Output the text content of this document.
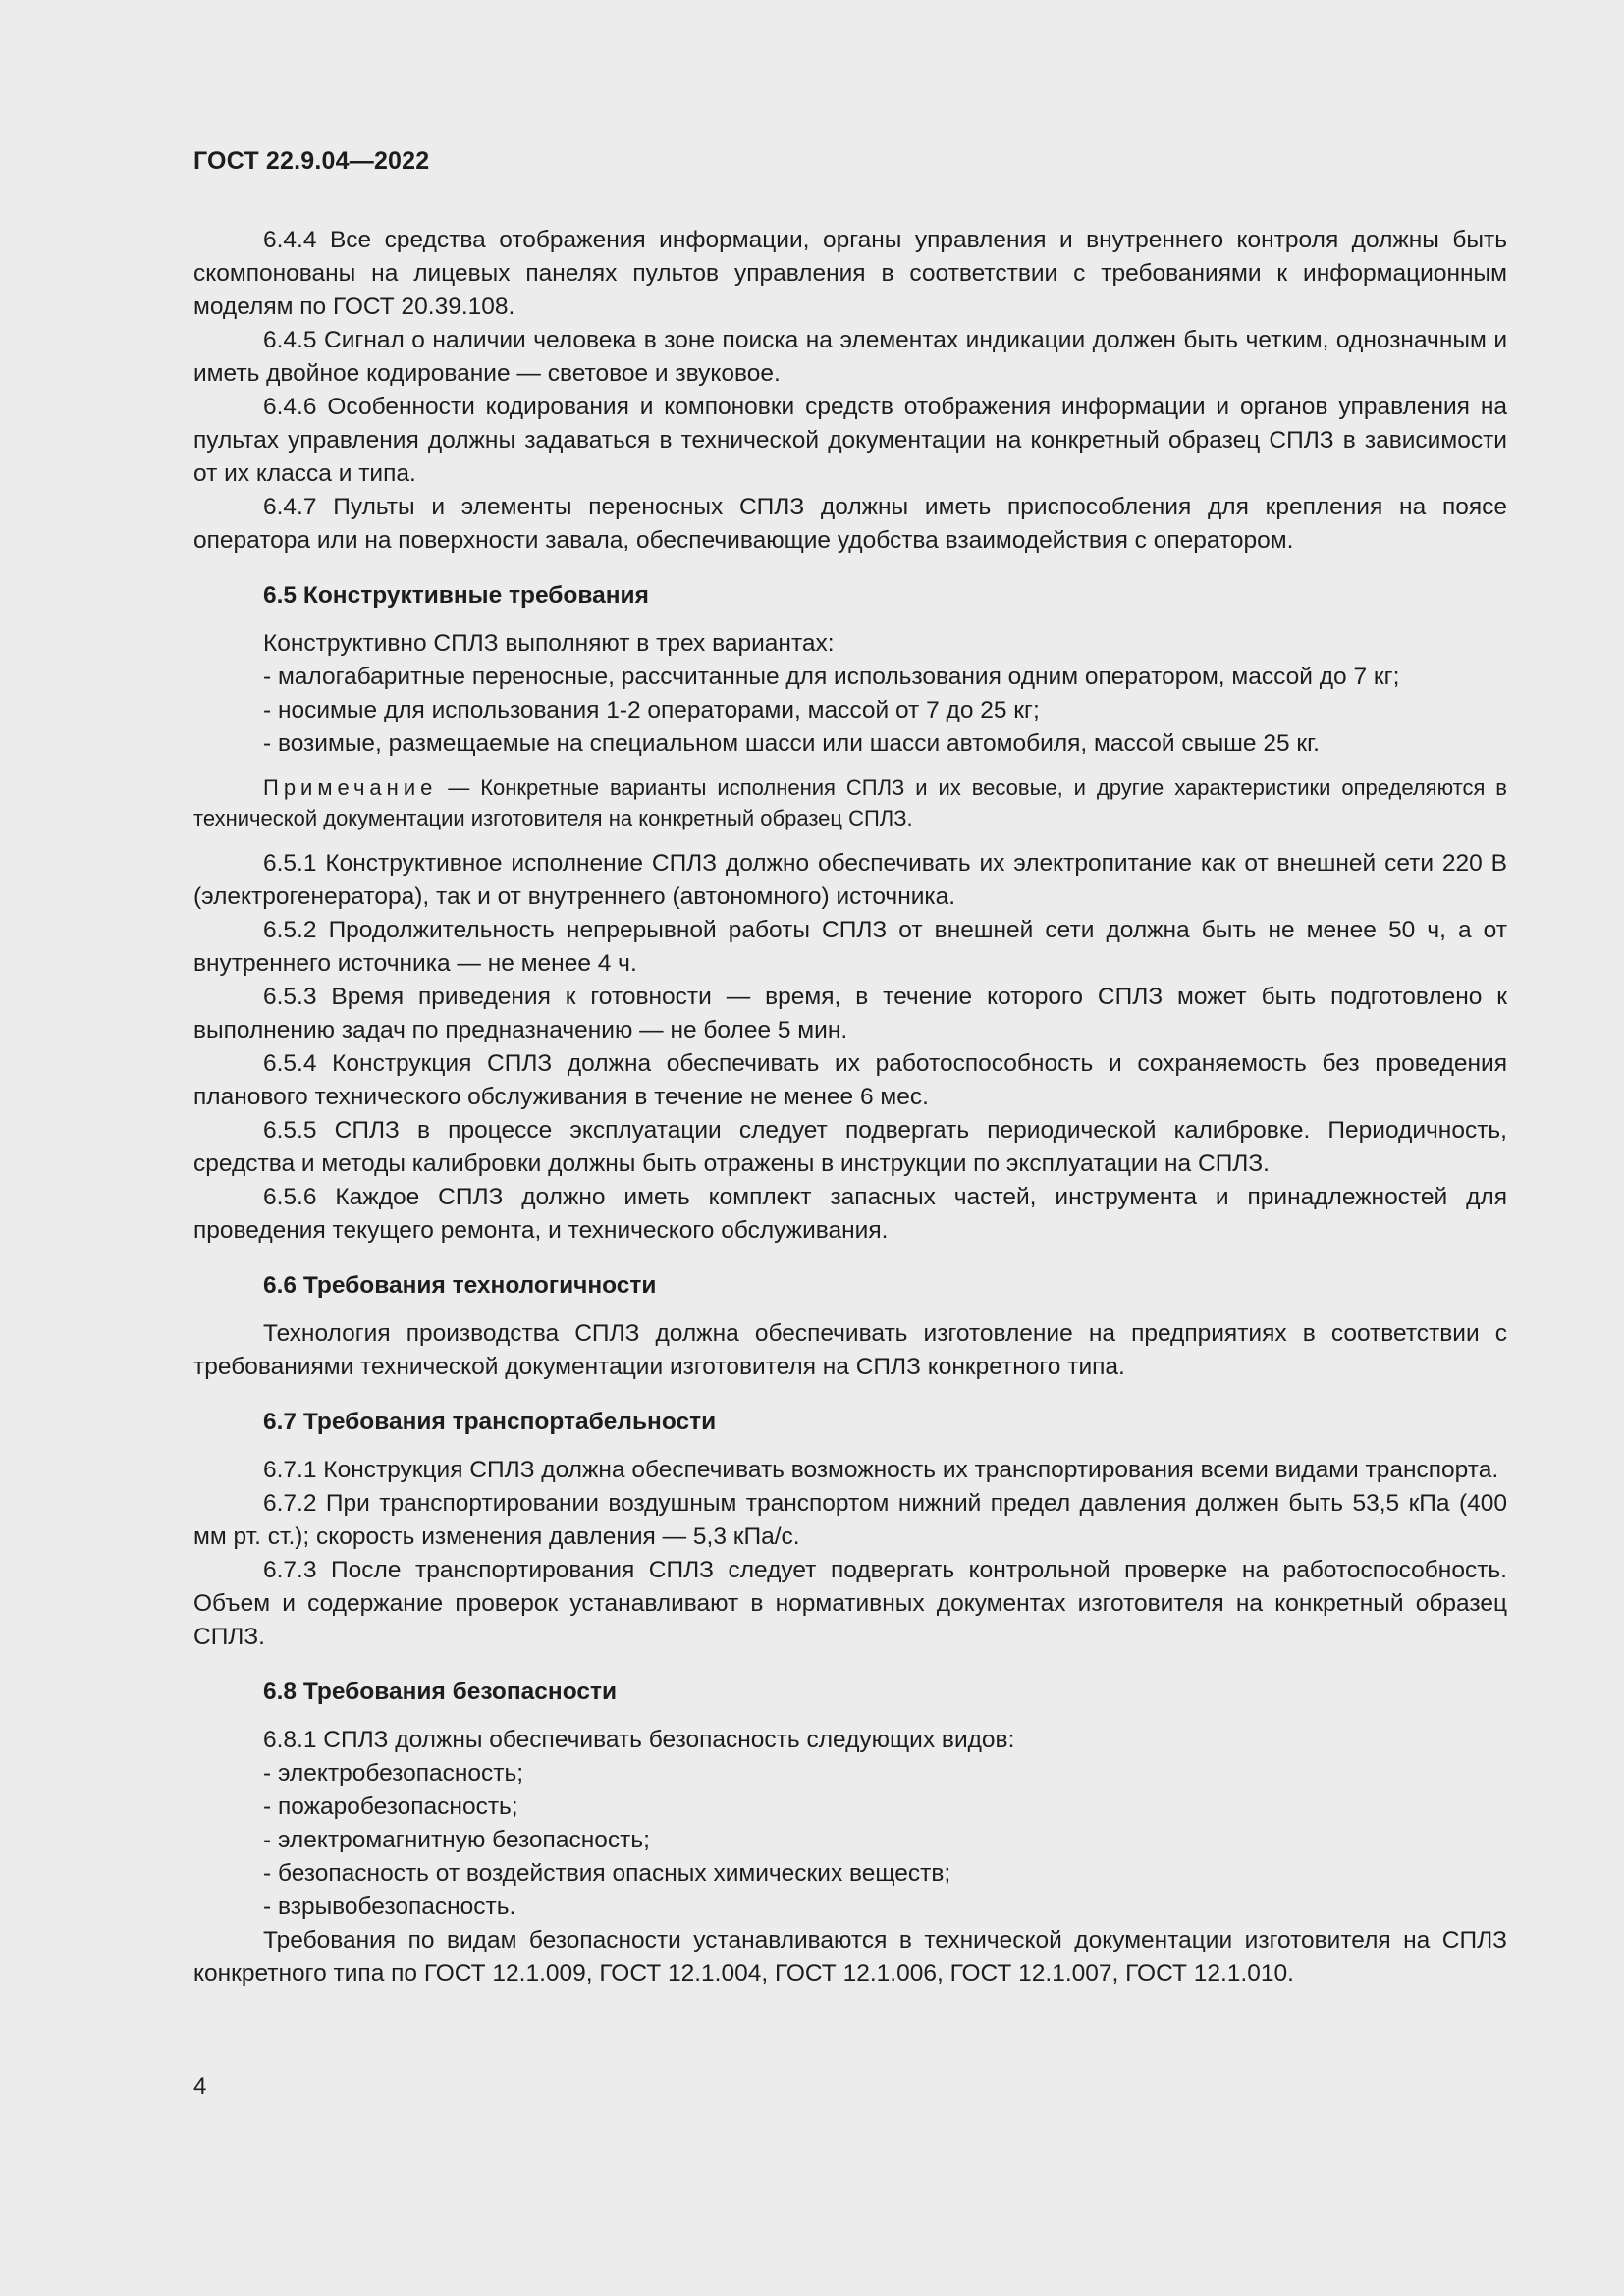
ГОСТ 22.9.04—2022

6.4.4 Все средства отображения информации, органы управления и внутреннего контроля должны быть скомпонованы на лицевых панелях пультов управления в соответствии с требованиями к информационным моделям по ГОСТ 20.39.108.

6.4.5 Сигнал о наличии человека в зоне поиска на элементах индикации должен быть четким, однозначным и иметь двойное кодирование — световое и звуковое.

6.4.6 Особенности кодирования и компоновки средств отображения информации и органов управления на пультах управления должны задаваться в технической документации на конкретный образец СПЛЗ в зависимости от их класса и типа.

6.4.7 Пульты и элементы переносных СПЛЗ должны иметь приспособления для крепления на поясе оператора или на поверхности завала, обеспечивающие удобства взаимодействия с оператором.

6.5 Конструктивные требования

Конструктивно СПЛЗ выполняют в трех вариантах:

- малогабаритные переносные, рассчитанные для использования одним оператором, массой до 7 кг;

- носимые для использования 1-2 операторами, массой от 7 до 25 кг;

- возимые, размещаемые на специальном шасси или шасси автомобиля, массой свыше 25 кг.

Примечание — Конкретные варианты исполнения СПЛЗ и их весовые, и другие характеристики определяются в технической документации изготовителя на конкретный образец СПЛЗ.

6.5.1 Конструктивное исполнение СПЛЗ должно обеспечивать их электропитание как от внешней сети 220 В (электрогенератора), так и от внутреннего (автономного) источника.

6.5.2 Продолжительность непрерывной работы СПЛЗ от внешней сети должна быть не менее 50 ч, а от внутреннего источника — не менее 4 ч.

6.5.3 Время приведения к готовности — время, в течение которого СПЛЗ может быть подготовлено к выполнению задач по предназначению — не более 5 мин.

6.5.4 Конструкция СПЛЗ должна обеспечивать их работоспособность и сохраняемость без проведения планового технического обслуживания в течение не менее 6 мес.

6.5.5 СПЛЗ в процессе эксплуатации следует подвергать периодической калибровке. Периодичность, средства и методы калибровки должны быть отражены в инструкции по эксплуатации на СПЛЗ.

6.5.6 Каждое СПЛЗ должно иметь комплект запасных частей, инструмента и принадлежностей для проведения текущего ремонта, и технического обслуживания.

6.6 Требования технологичности

Технология производства СПЛЗ должна обеспечивать изготовление на предприятиях в соответствии с требованиями технической документации изготовителя на СПЛЗ конкретного типа.

6.7 Требования транспортабельности

6.7.1 Конструкция СПЛЗ должна обеспечивать возможность их транспортирования всеми видами транспорта.

6.7.2 При транспортировании воздушным транспортом нижний предел давления должен быть 53,5 кПа (400 мм рт. ст.); скорость изменения давления — 5,3 кПа/с.

6.7.3 После транспортирования СПЛЗ следует подвергать контрольной проверке на работоспособность. Объем и содержание проверок устанавливают в нормативных документах изготовителя на конкретный образец СПЛЗ.

6.8 Требования безопасности

6.8.1 СПЛЗ должны обеспечивать безопасность следующих видов:

- электробезопасность;

- пожаробезопасность;

- электромагнитную безопасность;

- безопасность от воздействия опасных химических веществ;

- взрывобезопасность.

Требования по видам безопасности устанавливаются в технической документации изготовителя на СПЛЗ конкретного типа по ГОСТ 12.1.009, ГОСТ 12.1.004, ГОСТ 12.1.006, ГОСТ 12.1.007, ГОСТ 12.1.010.

4
